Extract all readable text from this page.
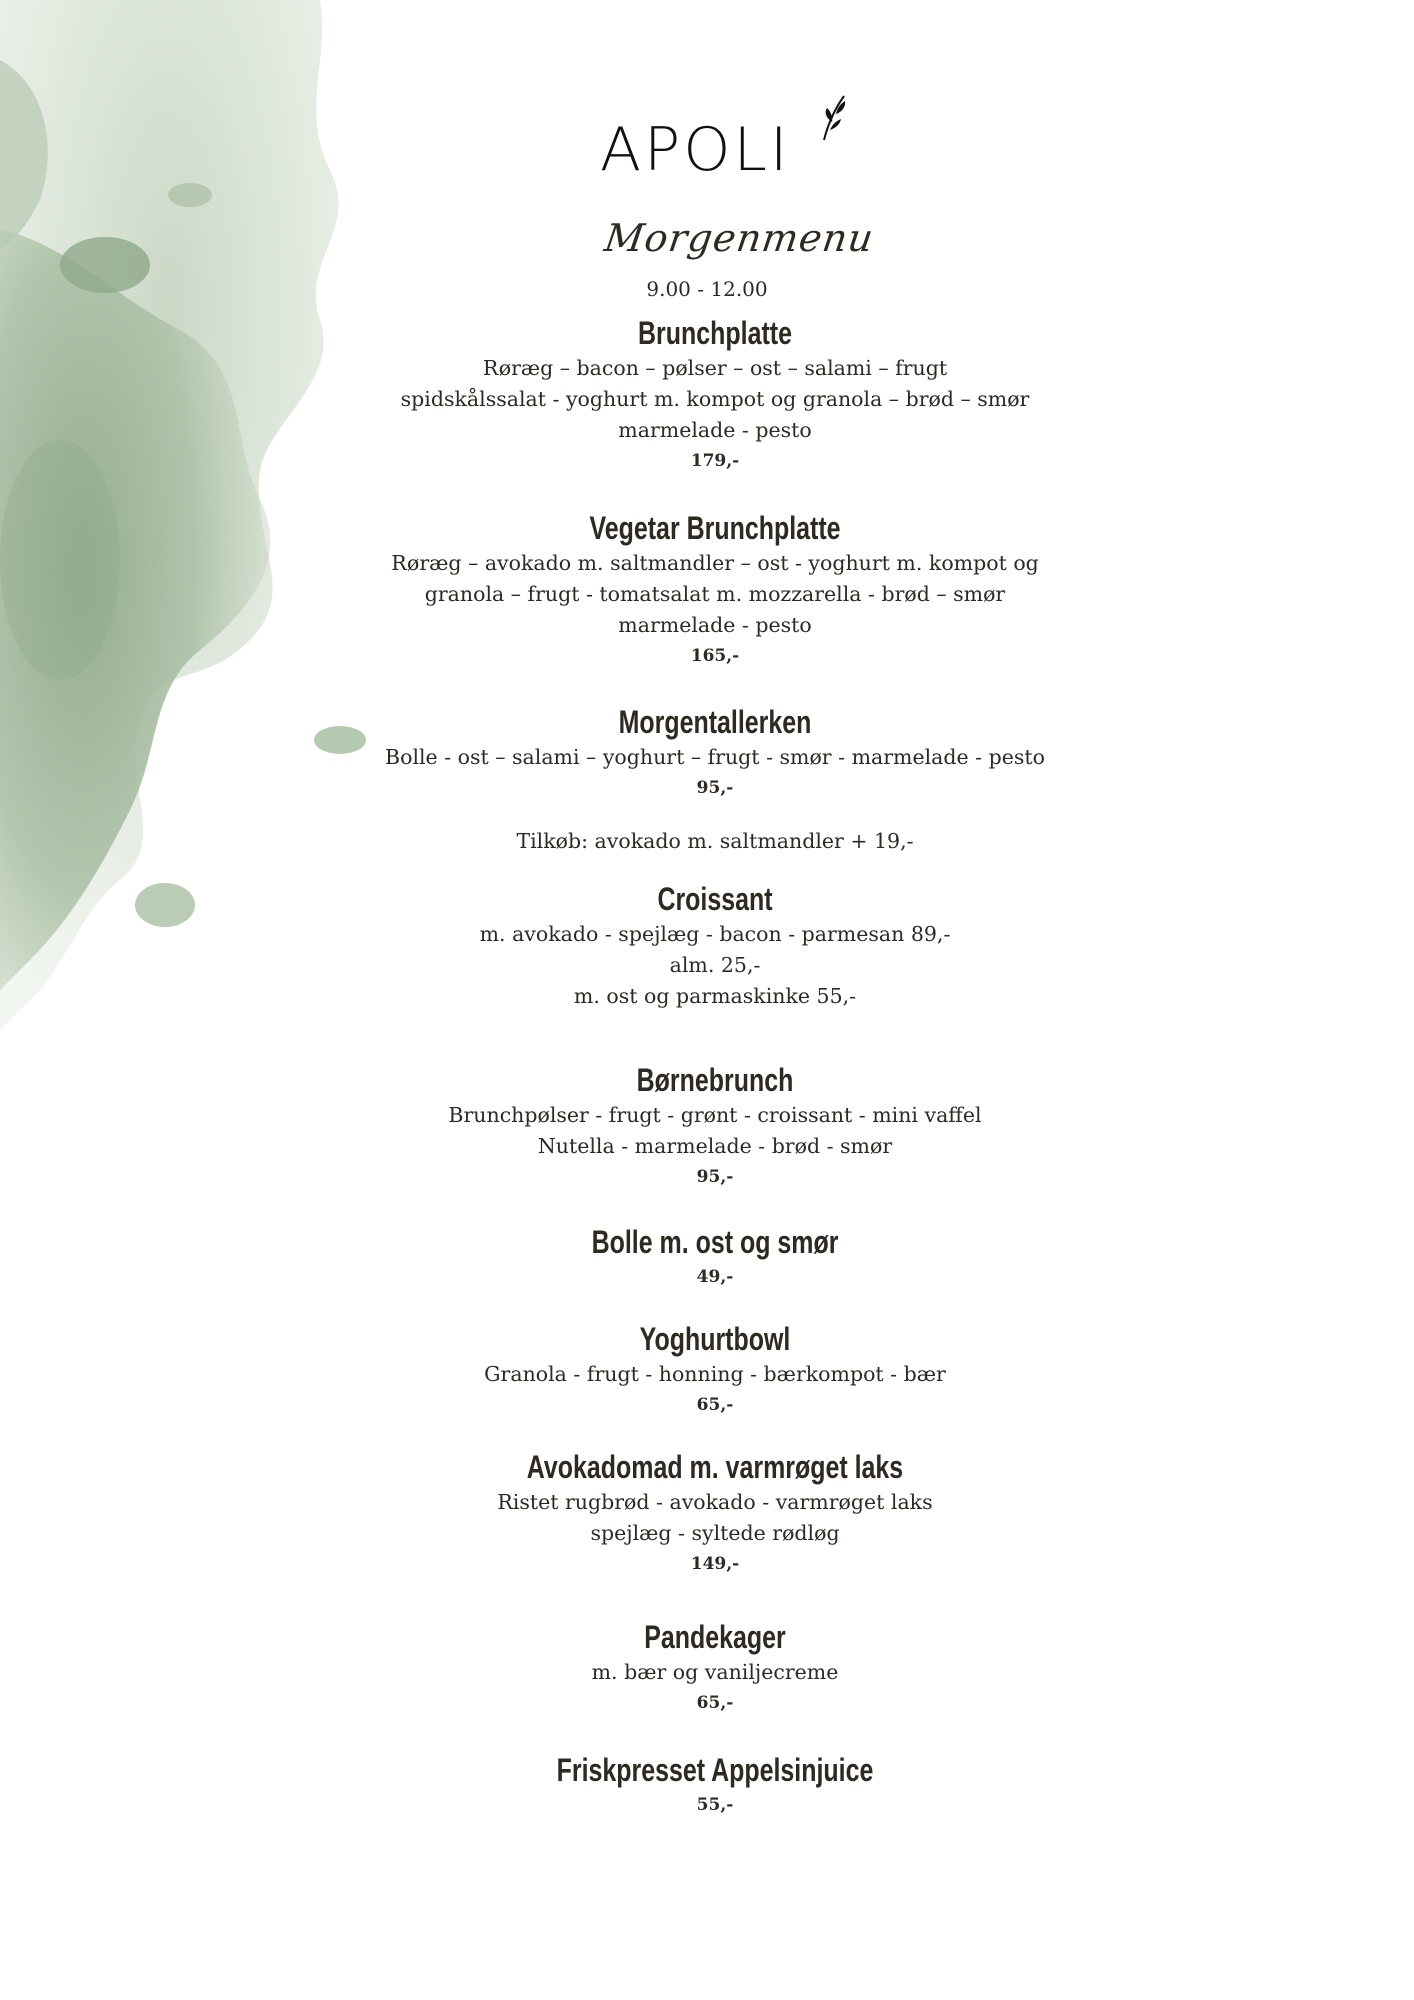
APOLI
Morgenmenu
9.00 - 12.00
Brunchplatte
Røræg – bacon – pølser – ost – salami – frugt
spidskålssalat - yoghurt m. kompot og granola – brød – smør
marmelade - pesto
179,-
Vegetar Brunchplatte
Røræg – avokado m. saltmandler – ost - yoghurt m. kompot og
granola – frugt - tomatsalat m. mozzarella - brød – smør
marmelade - pesto
165,-
Morgentallerken
Bolle - ost – salami – yoghurt – frugt - smør - marmelade - pesto
95,-
Tilkøb: avokado m. saltmandler + 19,-
Croissant
m. avokado - spejlæg - bacon - parmesan 89,-
alm. 25,-
m. ost og parmaskinke 55,-
Børnebrunch
Brunchpølser - frugt - grønt - croissant - mini vaffel
Nutella - marmelade - brød - smør
95,-
Bolle m. ost og smør
49,-
Yoghurtbowl
Granola - frugt - honning - bærkompot - bær
65,-
Avokadomad m. varmrøget laks
Ristet rugbrød - avokado - varmrøget laks
spejlæg - syltede rødløg
149,-
Pandekager
m. bær og vaniljecreme
65,-
Friskpresset Appelsinjuice
55,-
